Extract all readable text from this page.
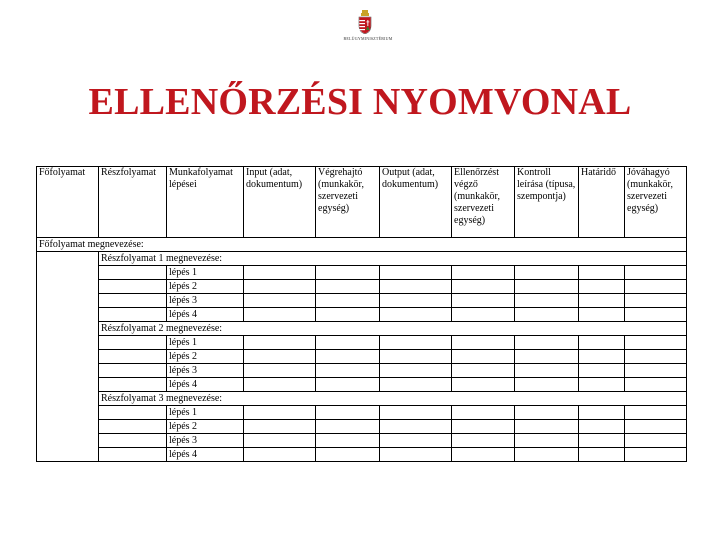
BELÜGYMINISZTÉRIUM
ELLENŐRZÉSI NYOMVONAL
Főfolyamat	Részfolyamat	Munkafolyamat lépései	Input (adat, dokumentum)	Végrehajtó (munkakör, szervezeti egység)	Output (adat, dokumentum)	Ellenőrzést végző (munkakör, szervezeti egység)	Kontroll leírása (típusa, szempontja)	Határidő	Jóváhagyó (munkakör, szervezeti egység)
Főfolyamat megnevezése:									
	Részfolyamat 1 megnevezése:								
		lépés 1							
		lépés 2							
		lépés 3							
		lépés 4							
	Részfolyamat 2 megnevezése:								
		lépés 1							
		lépés 2							
		lépés 3							
		lépés 4							
	Részfolyamat 3 megnevezése:								
		lépés 1							
		lépés 2							
		lépés 3							
		lépés 4							
